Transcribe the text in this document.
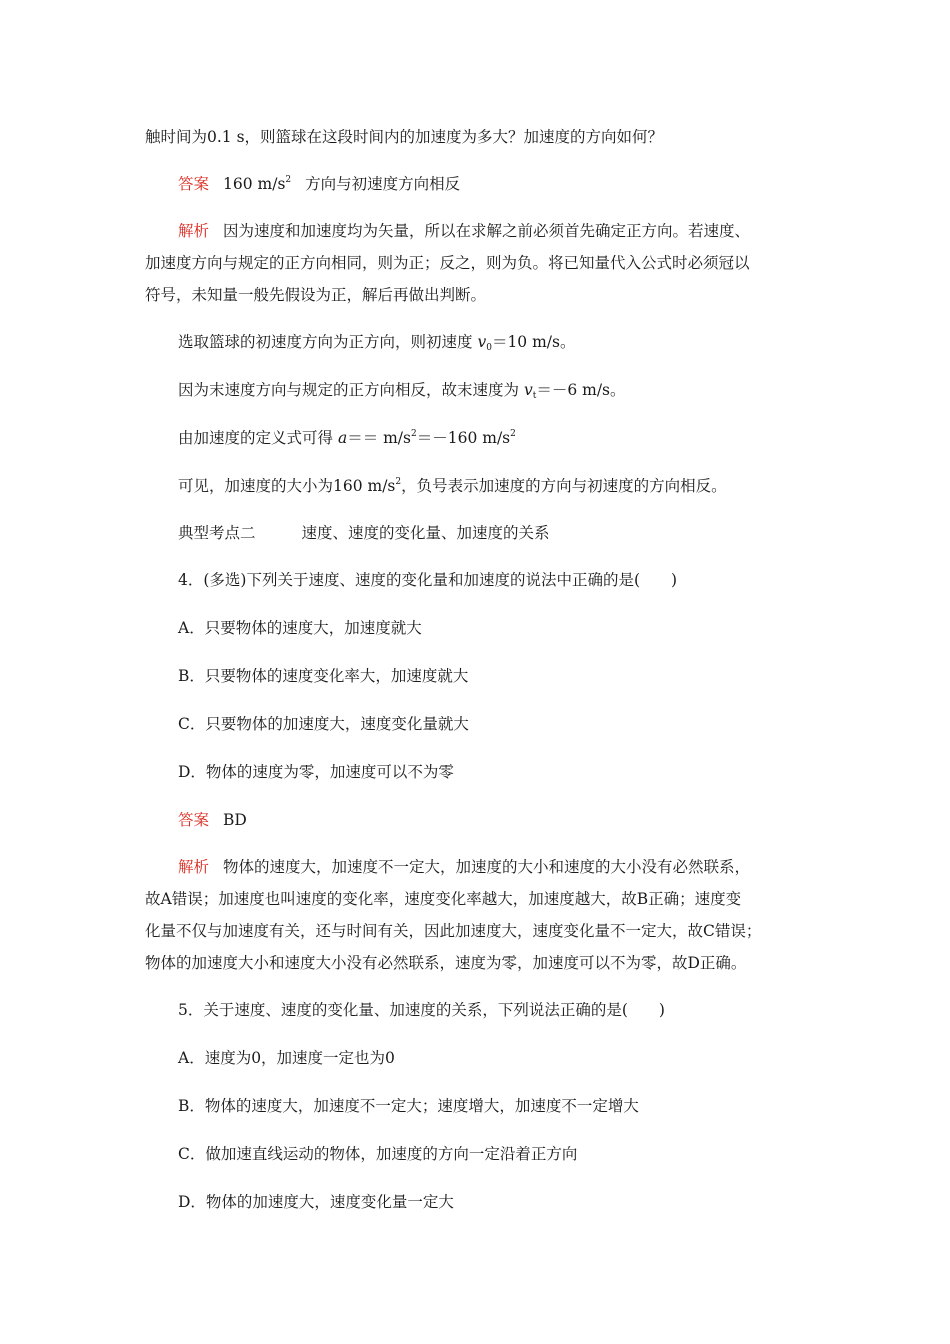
触时间为0.1 s，则篮球在这段时间内的加速度为多大？加速度的方向如何？
答案 160 $m/s^2$ 方向与初速度方向相反
解析 因为速度和加速度均为矢量，所以在求解之前必须首先确定正方向。若速度、
加速度方向与规定的正方向相同，则为正；反之，则为负。将已知量代入公式时必须冠以
符号，未知量一般先假设为正，解后再做出判断。
选取篮球的初速度方向为正方向，则初速度 $v_0=10$ m/s。
因为末速度方向与规定的正方向相反，故末速度为 $v_t=-6$ m/s。
由加速度的定义式可得 $a== m/s^2=-160$ $m/s^2$
可见，加速度的大小为160 $m/s^2$，负号表示加速度的方向与初速度的方向相反。
典型考点二	速度、速度的变化量、加速度的关系
4．(多选)下列关于速度、速度的变化量和加速度的说法中正确的是(　　)
A．只要物体的速度大，加速度就大
B．只要物体的速度变化率大，加速度就大
C．只要物体的加速度大，速度变化量就大
D．物体的速度为零，加速度可以不为零
答案 BD
解析 物体的速度大，加速度不一定大，加速度的大小和速度的大小没有必然联系，
故A错误；加速度也叫速度的变化率，速度变化率越大，加速度越大，故B正确；速度变
化量不仅与加速度有关，还与时间有关，因此加速度大，速度变化量不一定大，故C错误；
物体的加速度大小和速度大小没有必然联系，速度为零，加速度可以不为零，故D正确。
5．关于速度、速度的变化量、加速度的关系，下列说法正确的是(　　)
A．速度为0，加速度一定也为0
B．物体的速度大，加速度不一定大；速度增大，加速度不一定增大
C．做加速直线运动的物体，加速度的方向一定沿着正方向
D．物体的加速度大，速度变化量一定大
